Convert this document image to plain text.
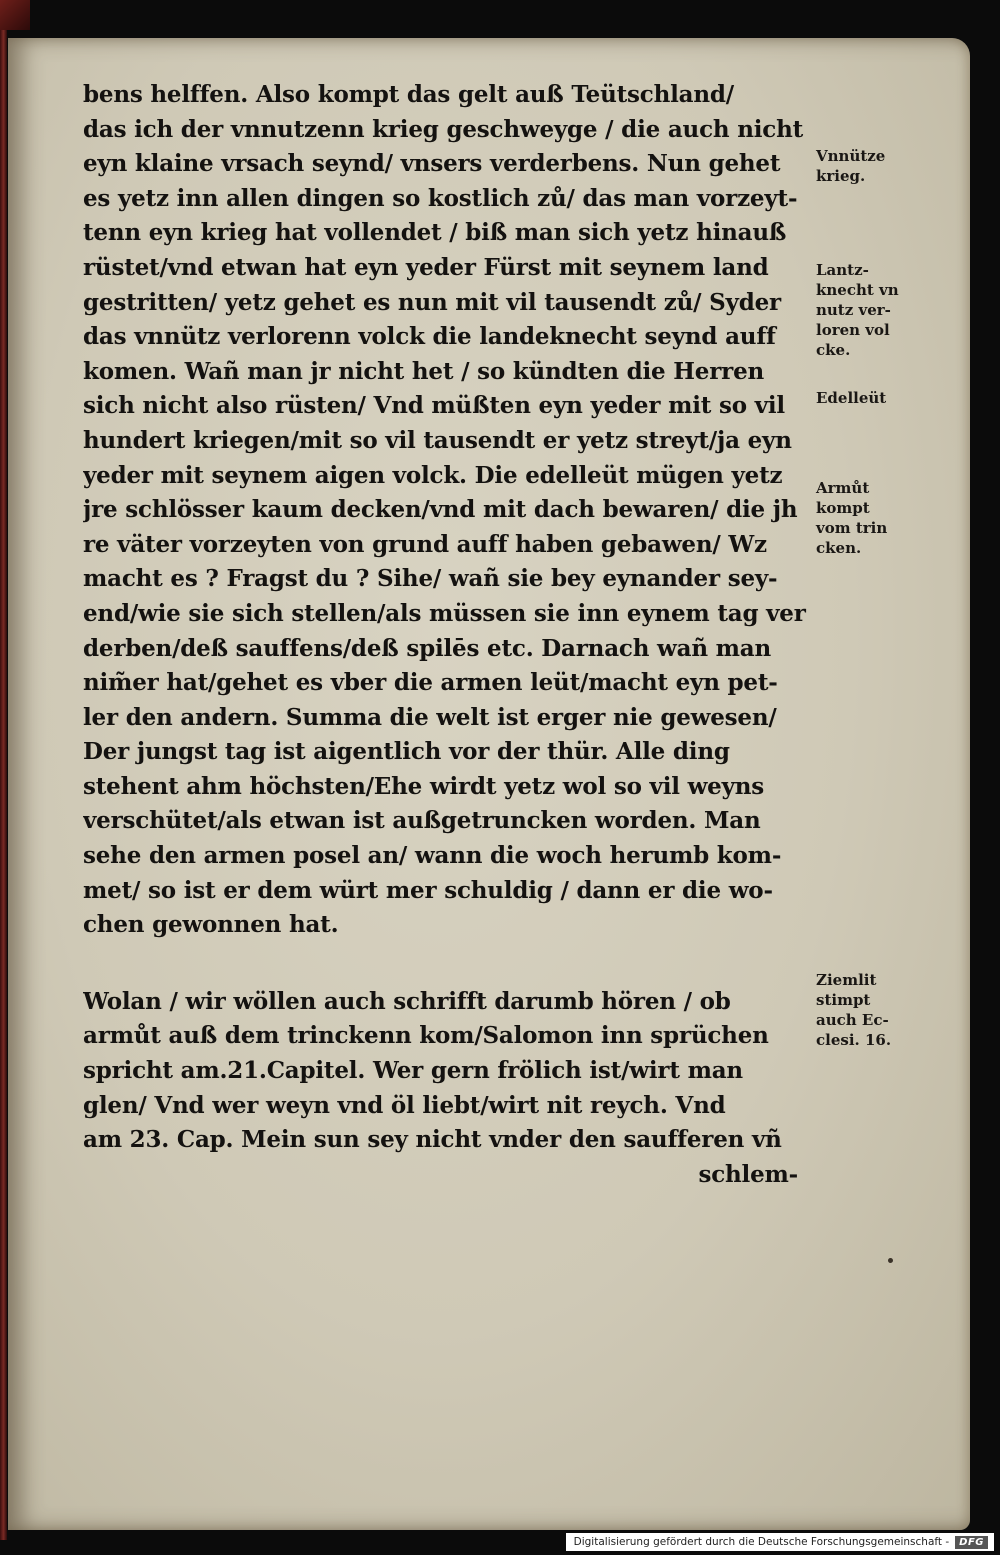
bens helffen. Also kompt das gelt auß Teütschland/
das ich der vnnutzenn krieg geschweyge / die auch nicht
eyn klaine vrsach seynd/ vnsers verderbens. Nun gehet
es yetz inn allen dingen so kostlich zů/ das man vorzeyt-
tenn eyn krieg hat vollendet / biß man sich yetz hinauß
rüstet/vnd etwan hat eyn yeder Fürst mit seynem land
gestritten/ yetz gehet es nun mit vil tausendt zů/ Syder
das vnnütz verlorenn volck die landeknecht seynd auff
komen. Wañ man jr nicht het / so kündten die Herren
sich nicht also rüsten/ Vnd müßten eyn yeder mit so vil
hundert kriegen/mit so vil tausendt er yetz streyt/ja eyn
yeder mit seynem aigen volck. Die edelleüt mügen yetz
jre schlösser kaum decken/vnd mit dach bewaren/ die jh
re väter vorzeyten von grund auff haben gebawen/ Wz
macht es ? Fragst du ? Sihe/ wañ sie bey eynander sey-
end/wie sie sich stellen/als müssen sie inn eynem tag ver
derben/deß sauffens/deß spilēs etc. Darnach wañ man
nim̃er hat/gehet es vber die armen leüt/macht eyn pet-
ler den andern. Summa die welt ist erger nie gewesen/
Der jungst tag ist aigentlich vor der thür. Alle ding
stehent ahm höchsten/Ehe wirdt yetz wol so vil weyns
verschütet/als etwan ist außgetruncken worden. Man
sehe den armen posel an/ wann die woch herumb kom-
met/ so ist er dem würt mer schuldig / dann er die wo-
chen gewonnen hat.
Wolan / wir wöllen auch schrifft darumb hören / ob
armůt auß dem trinckenn kom/Salomon inn sprüchen
spricht am.21.Capitel. Wer gern frölich ist/wirt man
glen/ Vnd wer weyn vnd öl liebt/wirt nit reych. Vnd
am 23. Cap. Mein sun sey nicht vnder den saufferen vñ
schlem-
Vnnütze
krieg.
Lantz-
knecht vn
nutz ver-
loren vol
cke.
Edelleüt
Armůt
kompt
vom trin
cken.
Ziemlit
stimpt
auch Ec-
clesi. 16.
Digitalisierung gefördert durch die Deutsche Forschungsgemeinschaft -	DFG
